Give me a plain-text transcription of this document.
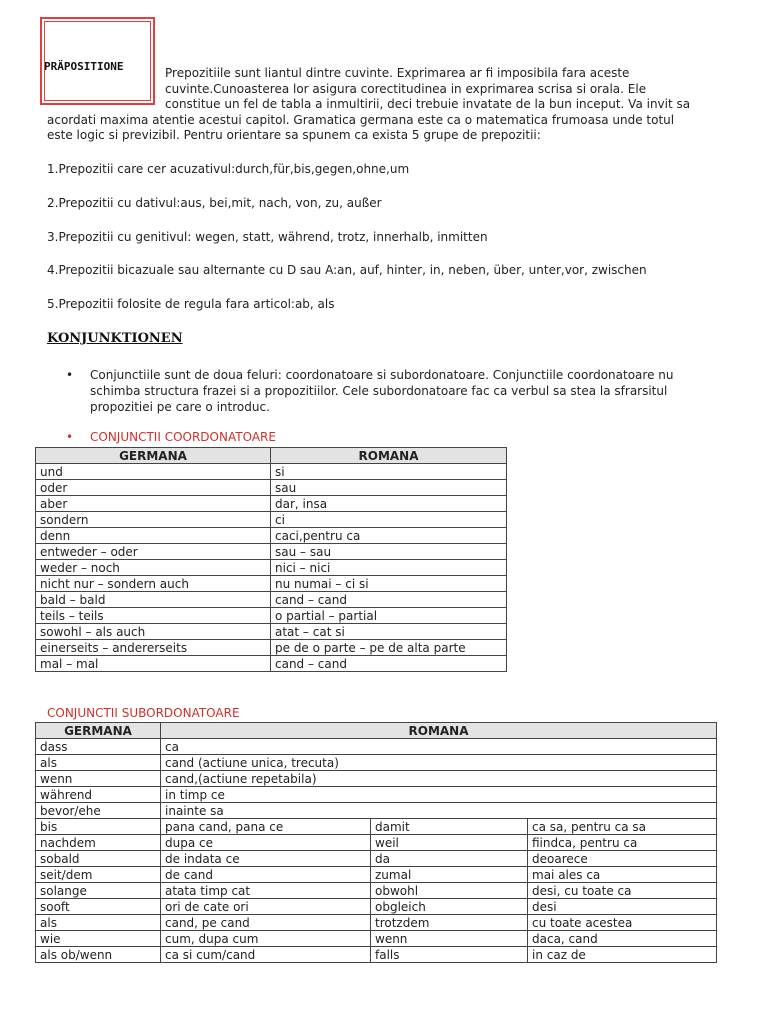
PRÄPOSITIONE	Prepozitiile sunt liantul dintre cuvinte. Exprimarea ar fi imposibila fara aceste
cuvinte.Cunoasterea lor asigura corectitudinea in exprimarea scrisa si orala. Ele
constitue un fel de tabla a inmultirii, deci trebuie invatate de la bun inceput. Va invit sa
acordati maxima atentie acestui capitol. Gramatica germana este ca o matematica frumoasa unde totul
este logic si previzibil. Pentru orientare sa spunem ca exista 5 grupe de prepozitii:
1.Prepozitii care cer acuzativul:durch,für,bis,gegen,ohne,um
2.Prepozitii cu dativul:aus, bei,mit, nach, von, zu, außer
3.Prepozitii cu genitivul: wegen, statt, während, trotz, innerhalb, inmitten
4.Prepozitii bicazuale sau alternante cu D sau A:an, auf, hinter, in, neben, über, unter,vor, zwischen
5.Prepozitii folosite de regula fara articol:ab, als
KONJUNKTIONEN
• Conjunctiile sunt de doua feluri: coordonatoare si subordonatoare. Conjunctiile coordonatoare nu
schimba structura frazei si a propozitiilor. Cele subordonatoare fac ca verbul sa stea la sfrarsitul
propozitiei pe care o introduc.
• CONJUNCTII COORDONATOARE
GERMANA	ROMANA
und	si
oder	sau
aber	dar, insa
sondern	ci
denn	caci,pentru ca
entweder – oder	sau – sau
weder – noch	nici – nici
nicht nur – sondern auch	nu numai – ci si
bald – bald	cand – cand
teils – teils	o partial – partial
sowohl – als auch	atat – cat si
einerseits – andererseits	pe de o parte – pe de alta parte
mal – mal	cand – cand
CONJUNCTII SUBORDONATOARE
GERMANA	ROMANA		
dass	ca		
als	cand (actiune unica, trecuta)		
wenn	cand,(actiune repetabila)		
während	in timp ce		
bevor/ehe	inainte sa		
bis	pana cand, pana ce	damit	ca sa, pentru ca sa
nachdem	dupa ce	weil	fiindca, pentru ca
sobald	de indata ce	da	deoarece
seit/dem	de cand	zumal	mai ales ca
solange	atata timp cat	obwohl	desi, cu toate ca
sooft	ori de cate ori	obgleich	desi
als	cand, pe cand	trotzdem	cu toate acestea
wie	cum, dupa cum	wenn	daca, cand
als ob/wenn	ca si cum/cand	falls	in caz de
